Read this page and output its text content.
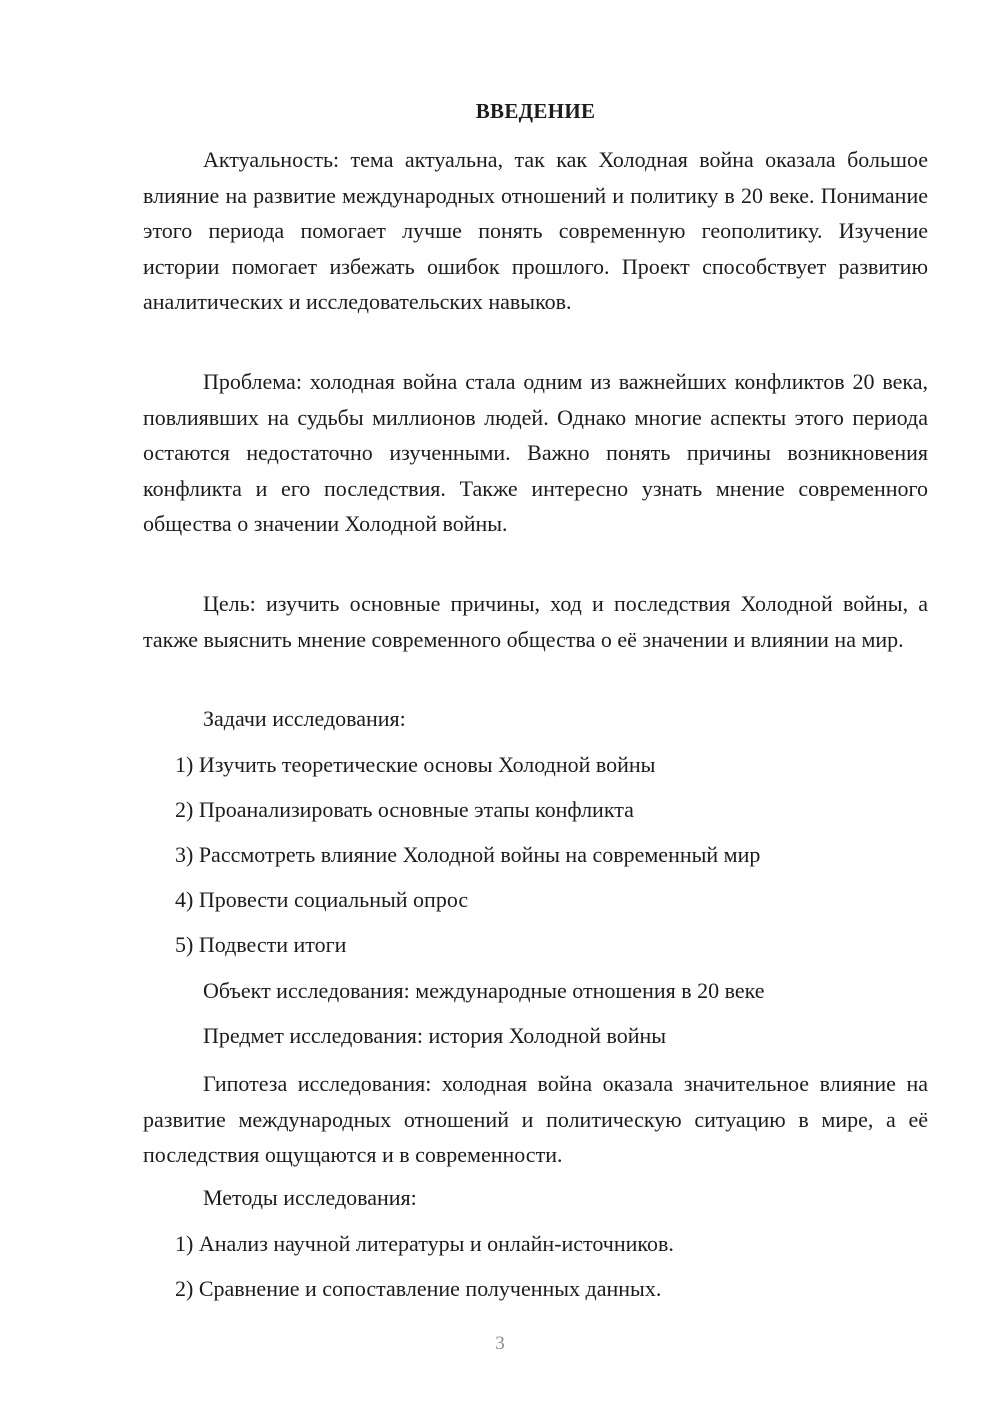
ВВЕДЕНИЕ

Актуальность: тема актуальна, так как Холодная война оказала большое влияние на развитие международных отношений и политику в 20 веке. Понимание этого периода помогает лучше понять современную геополитику. Изучение истории помогает избежать ошибок прошлого. Проект способствует развитию аналитических и исследовательских навыков.

Проблема: холодная война стала одним из важнейших конфликтов 20 века, повлиявших на судьбы миллионов людей. Однако многие аспекты этого периода остаются недостаточно изученными. Важно понять причины возникновения конфликта и его последствия. Также интересно узнать мнение современного общества о значении Холодной войны.

Цель: изучить основные причины, ход и последствия Холодной войны, а также выяснить мнение современного общества о её значении и влиянии на мир.

Задачи исследования:

1) Изучить теоретические основы Холодной войны

2) Проанализировать основные этапы конфликта

3) Рассмотреть влияние Холодной войны на современный мир

4) Провести социальный опрос

5) Подвести итоги

Объект исследования: международные отношения в 20 веке

Предмет исследования: история Холодной войны

Гипотеза исследования: холодная война оказала значительное влияние на развитие международных отношений и политическую ситуацию в мире, а её последствия ощущаются и в современности.

Методы исследования:

1) Анализ научной литературы и онлайн-источников.

2) Сравнение и сопоставление полученных данных.

3
